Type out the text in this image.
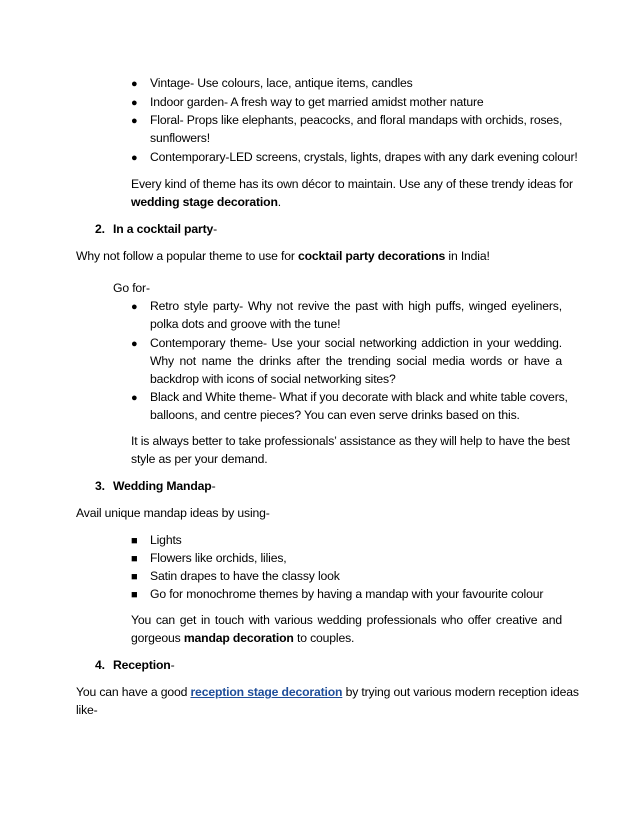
● Vintage- Use colours, lace, antique items, candles
● Indoor garden- A fresh way to get married amidst mother nature
● Floral- Props like elephants, peacocks, and floral mandaps with orchids, roses,
sunflowers!
● Contemporary-LED screens, crystals, lights, drapes with any dark evening colour!
Every kind of theme has its own décor to maintain. Use any of these trendy ideas for
wedding stage decoration.
2. In a cocktail party-
Why not follow a popular theme to use for cocktail party decorations in India!
Go for-
● Retro style party- Why not revive the past with high puffs, winged eyeliners,
polka dots and groove with the tune!
● Contemporary theme- Use your social networking addiction in your wedding.
Why not name the drinks after the trending social media words or have a
backdrop with icons of social networking sites?
● Black and White theme- What if you decorate with black and white table covers,
balloons, and centre pieces? You can even serve drinks based on this.
It is always better to take professionals’ assistance as they will help to have the best
style as per your demand.
3. Wedding Mandap-
Avail unique mandap ideas by using-
■ Lights
■ Flowers like orchids, lilies,
■ Satin drapes to have the classy look
■ Go for monochrome themes by having a mandap with your favourite colour
You can get in touch with various wedding professionals who offer creative and
gorgeous mandap decoration to couples.
4. Reception-
You can have a good reception stage decoration by trying out various modern reception ideas
like-
